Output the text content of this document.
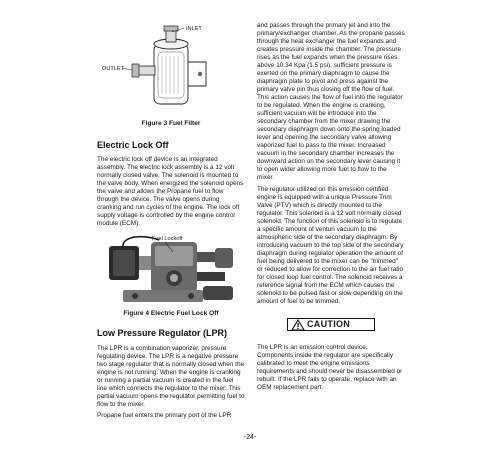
INLET
OUTLET
Figure 3 Fuel Filter
Electric Lock Off

The electric lock off device is an integrated assembly. The electric lock assembly is a 12 volt normally closed valve. The solenoid is mounted to the valve body. When energized the solenoid opens the valve and allows the Propane fuel to flow through the device. The valve opens during cranking and run cycles of the engine. The lock off supply voltage is controlled by the engine control module (ECM).

Fuel Lockoff
Figure 4 Electric Fuel Lock Off
Low Pressure Regulator (LPR)

The LPR is a combination vaporizer, pressure regulating device. The LPR is a negative pressure two stage regulator that is normally closed when the engine is not running. When the engine is cranking or running a partial vacuum is created in the fuel line which connects the regulator to the mixer. This partial vacuum opens the regulator permitting fuel to flow to the mixer.

Propane fuel enters the primary port of the LPR

and passes through the primary jet and into the primary/exchanger chamber. As the propane passes through the heat exchanger the fuel expands and creates pressure inside the chamber. The pressure rises as the fuel expands when the pressure rises above 10.34 Kpa (1.5 psi), sufficient pressure is exerted on the primary diaphragm to cause the diaphragm plate to pivot and press against the primary valve pin thus closing off the flow of fuel. This action causes the flow of fuel into the regulator to be regulated. When the engine is cranking, sufficient vacuum will be introduce into the secondary chamber from the mixer drawing the secondary diaphragm down onto the spring loaded lever and opening the secondary valve allowing vaporized fuel to pass to the mixer. Increased vacuum in the secondary chamber increases the downward action on the secondary lever causing it to open wider allowing more fuel to flow to the mixer.

The regulator utilized on this emission certified engine is equipped with a unique Pressure Trim Valve (PTV) which is directly mounted to the regulator. This solenoid is a 12 volt normally closed solenoid. The function of this solenoid is to regulate a specific amount of venturi vacuum to the atmospheric side of the secondary diaphragm. By introducing vacuum to the top side of the secondary diaphragm during regulator operation the amount of fuel being delivered to the mixer can be "trimmed" or reduced to allow for correction to the air fuel ratio for closed loop fuel control. The solenoid receives a reference signal from the ECM which causes the solenoid to be pulsed fast or slow depending on the amount of fuel to be trimmed.

CAUTION

The LPR is an emission control device. Components inside the regulator are specifically calibrated to meet the engine emissions requirements and should never be disassembled or rebuilt. If the LPR fails to operate, replace with an OEM replacement part.

-24-
